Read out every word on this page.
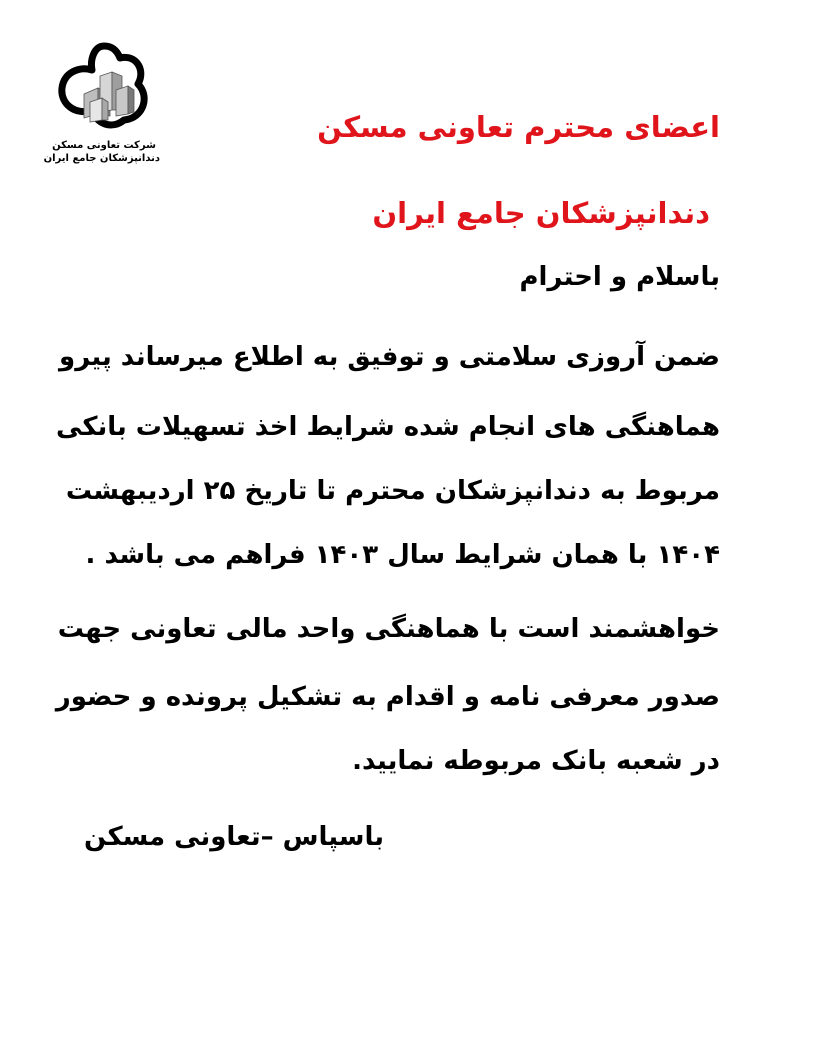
شرکت تعاونی مسکن
دندانپزشکان جامع ایران
اعضای محترم تعاونی مسکن
دندانپزشکان جامع ایران
باسلام و احترام
ضمن آروزی سلامتی و توفیق به اطلاع میرساند پیرو
هماهنگی های انجام شده شرایط اخذ تسهیلات بانکی
مربوط به دندانپزشکان محترم تا تاریخ ۲۵ اردیبهشت
۱۴۰۴ با همان شرایط سال ۱۴۰۳ فراهم می باشد .
خواهشمند است با هماهنگی واحد مالی تعاونی جهت
صدور معرفی نامه و اقدام به تشکیل پرونده و حضور
در شعبه بانک مربوطه نمایید.
باسپاس –تعاونی مسکن
